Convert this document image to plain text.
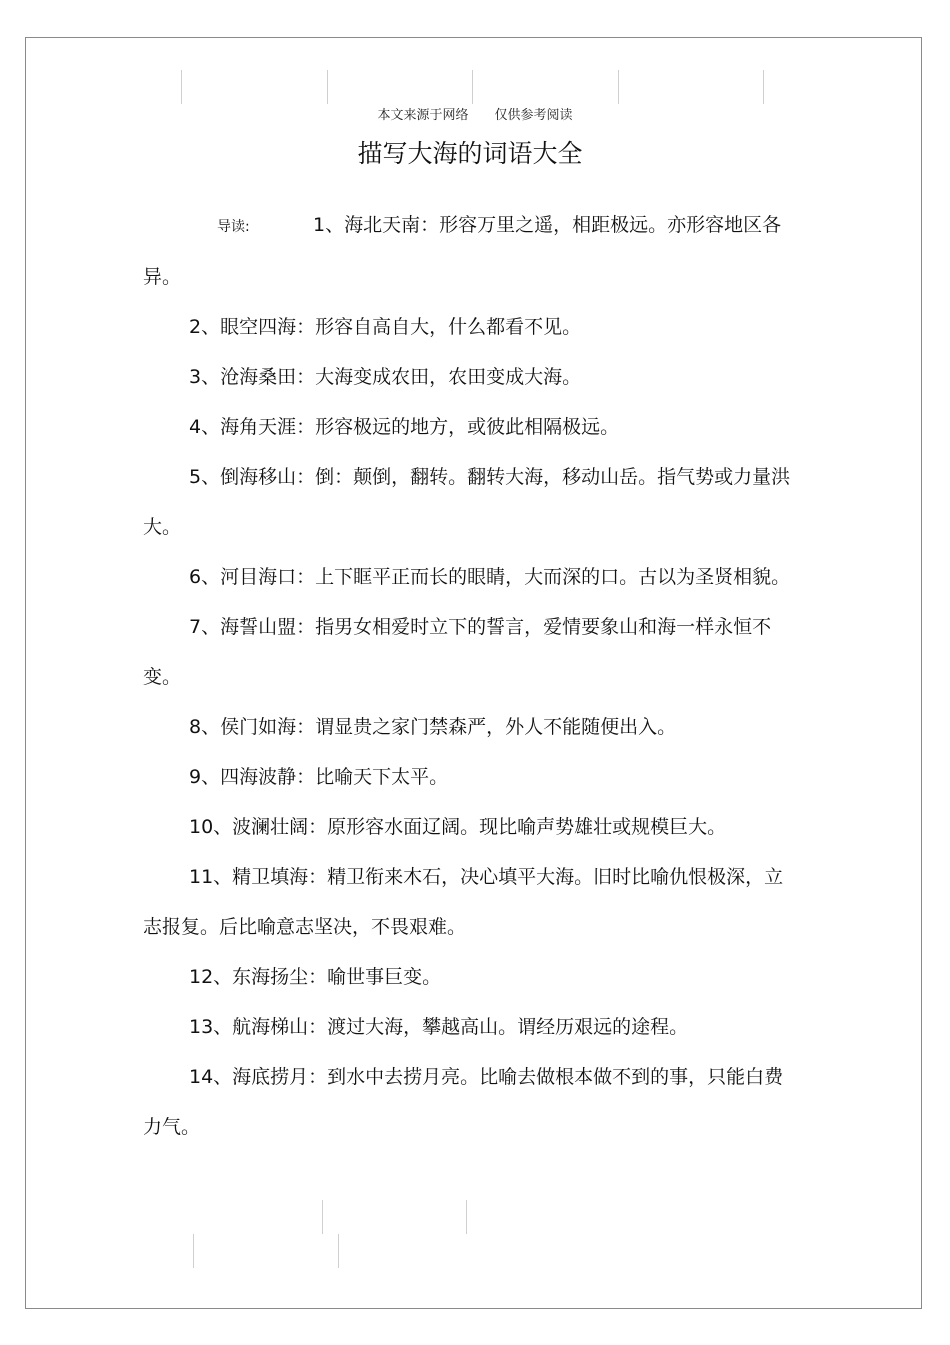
本文来源于网络 仅供参考阅读
描写大海的词语大全

导读:	1、海北天南：形容万里之遥，相距极远。亦形容地区各异。

2、眼空四海：形容自高自大，什么都看不见。

3、沧海桑田：大海变成农田，农田变成大海。

4、海角天涯：形容极远的地方，或彼此相隔极远。

5、倒海移山：倒：颠倒，翻转。翻转大海，移动山岳。指气势或力量洪大。

6、河目海口：上下眶平正而长的眼睛，大而深的口。古以为圣贤相貌。

7、海誓山盟：指男女相爱时立下的誓言，爱情要象山和海一样永恒不变。

8、侯门如海：谓显贵之家门禁森严，外人不能随便出入。

9、四海波静：比喻天下太平。

10、波澜壮阔：原形容水面辽阔。现比喻声势雄壮或规模巨大。

11、精卫填海：精卫衔来木石，决心填平大海。旧时比喻仇恨极深，立志报复。后比喻意志坚决，不畏艰难。

12、东海扬尘：喻世事巨变。

13、航海梯山：渡过大海，攀越高山。谓经历艰远的途程。

14、海底捞月：到水中去捞月亮。比喻去做根本做不到的事，只能白费力气。
